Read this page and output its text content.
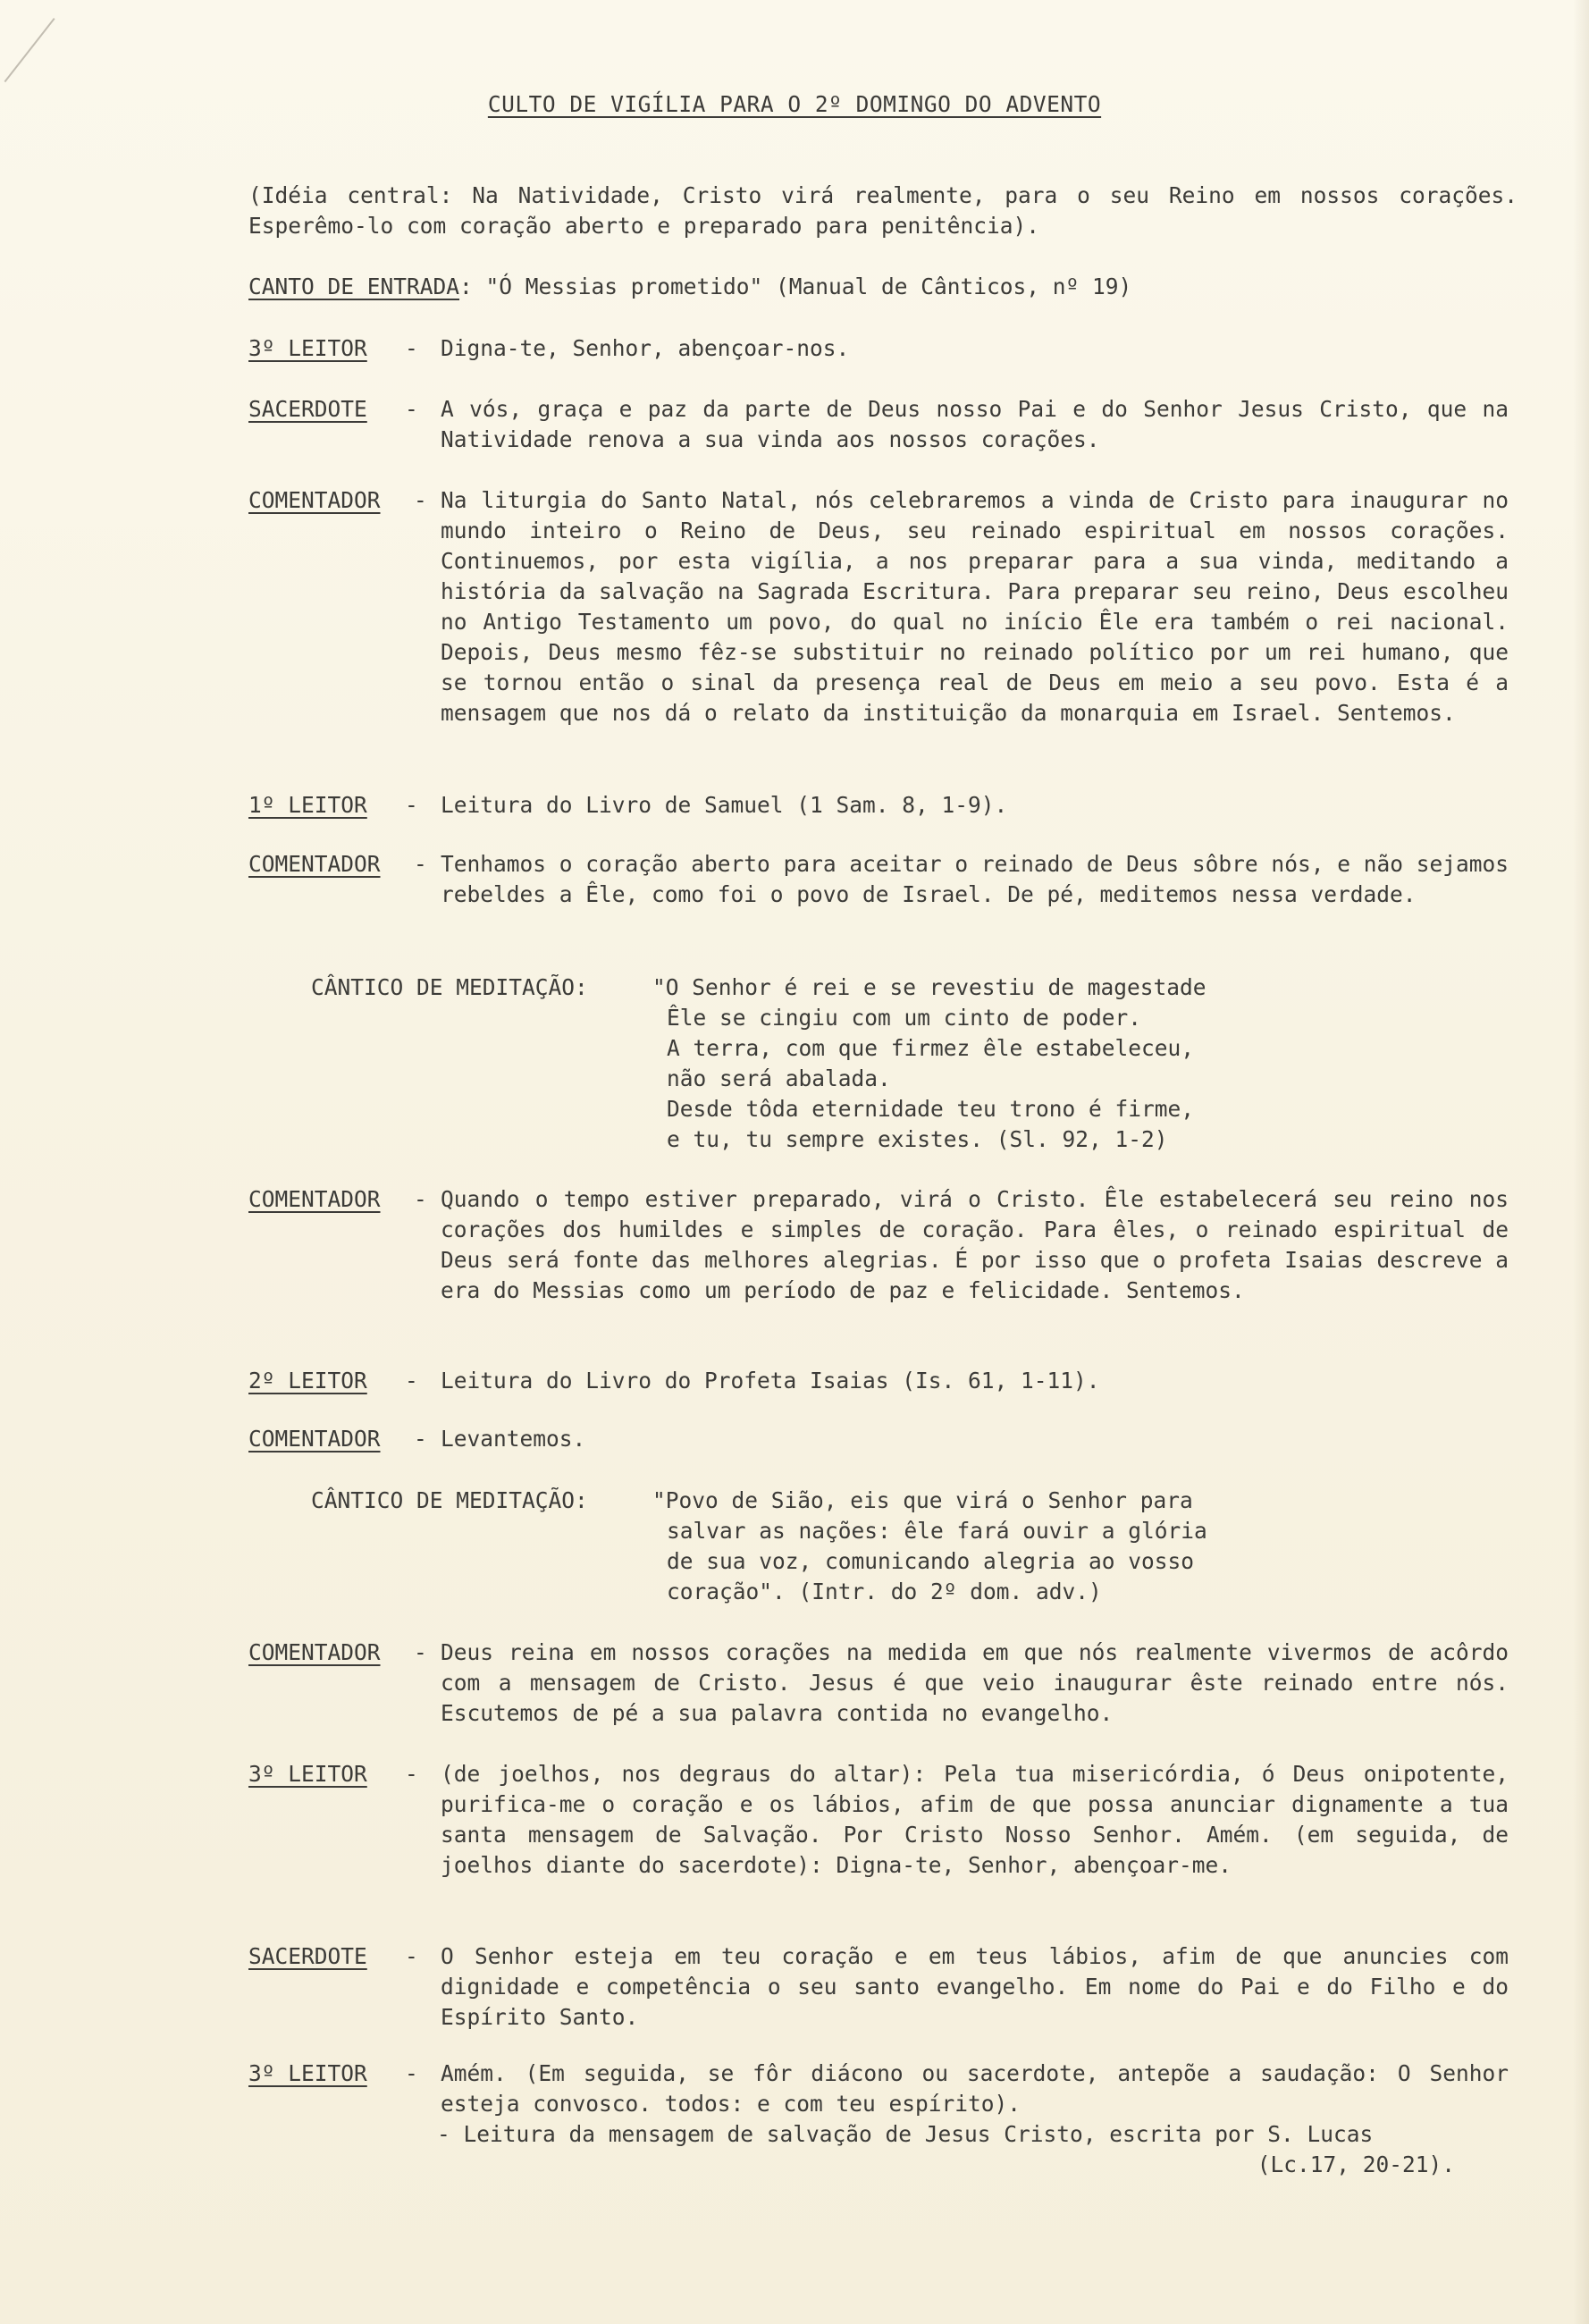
CULTO DE VIGÍLIA PARA O 2º DOMINGO DO ADVENTO
(Idéia central: Na Natividade, Cristo virá realmente, para o seu Reino em nossos corações. Esperêmo-lo com coração aberto e preparado para penitência).
CANTO DE ENTRADA: "Ó Messias prometido" (Manual de Cânticos, nº 19)
3º LEITOR	- Digna-te, Senhor, abençoar-nos.
SACERDOTE	- A vós, graça e paz da parte de Deus nosso Pai e do Senhor Jesus Cristo, que na Natividade renova a sua vinda aos nossos corações.
COMENTADOR	- Na liturgia do Santo Natal, nós celebraremos a vinda de Cristo para inaugurar no mundo inteiro o Reino de Deus, seu reinado espiritual em nossos corações. Continuemos, por esta vigília, a nos preparar para a sua vinda, meditando a história da salvação na Sagrada Escritura. Para preparar seu reino, Deus escolheu no Antigo Testamento um povo, do qual no início Êle era também o rei nacional. Depois, Deus mesmo fêz-se substituir no reinado político por um rei humano, que se tornou então o sinal da presença real de Deus em meio a seu povo. Esta é a mensagem que nos dá o relato da instituição da monarquia em Israel. Sentemos.
1º LEITOR	- Leitura do Livro de Samuel (1 Sam. 8, 1-9).
COMENTADOR	- Tenhamos o coração aberto para aceitar o reinado de Deus sôbre nós, e não sejamos rebeldes a Êle, como foi o povo de Israel. De pé, meditemos nessa verdade.
CÂNTICO DE MEDITAÇÃO:	"O Senhor é rei e se revestiu de magestade
Êle se cingiu com um cinto de poder.
A terra, com que firmez êle estabeleceu,
não será abalada.
Desde tôda eternidade teu trono é firme,
e tu, tu sempre existes. (Sl. 92, 1-2)
COMENTADOR	- Quando o tempo estiver preparado, virá o Cristo. Êle estabelecerá seu reino nos corações dos humildes e simples de coração. Para êles, o reinado espiritual de Deus será fonte das melhores alegrias. É por isso que o profeta Isaias descreve a era do Messias como um período de paz e felicidade. Sentemos.
2º LEITOR	- Leitura do Livro do Profeta Isaias (Is. 61, 1-11).
COMENTADOR	- Levantemos.
CÂNTICO DE MEDITAÇÃO:	"Povo de Sião, eis que virá o Senhor para
salvar as nações: êle fará ouvir a glória
de sua voz, comunicando alegria ao vosso
coração". (Intr. do 2º dom. adv.)
COMENTADOR	- Deus reina em nossos corações na medida em que nós realmente vivermos de acôrdo com a mensagem de Cristo. Jesus é que veio inaugurar êste reinado entre nós. Escutemos de pé a sua palavra contida no evangelho.
3º LEITOR	- (de joelhos, nos degraus do altar): Pela tua misericórdia, ó Deus onipotente, purifica-me o coração e os lábios, afim de que possa anunciar dignamente a tua santa mensagem de Salvação. Por Cristo Nosso Senhor. Amém. (em seguida, de joelhos diante do sacerdote): Digna-te, Senhor, abençoar-me.
SACERDOTE	- O Senhor esteja em teu coração e em teus lábios, afim de que anuncies com dignidade e competência o seu santo evangelho. Em nome do Pai e do Filho e do Espírito Santo.
3º LEITOR	- Amém. (Em seguida, se fôr diácono ou sacerdote, antepõe a saudação: O Senhor esteja convosco. todos: e com teu espírito).
- Leitura da mensagem de salvação de Jesus Cristo, escrita por S. Lucas
(Lc.17, 20-21).
